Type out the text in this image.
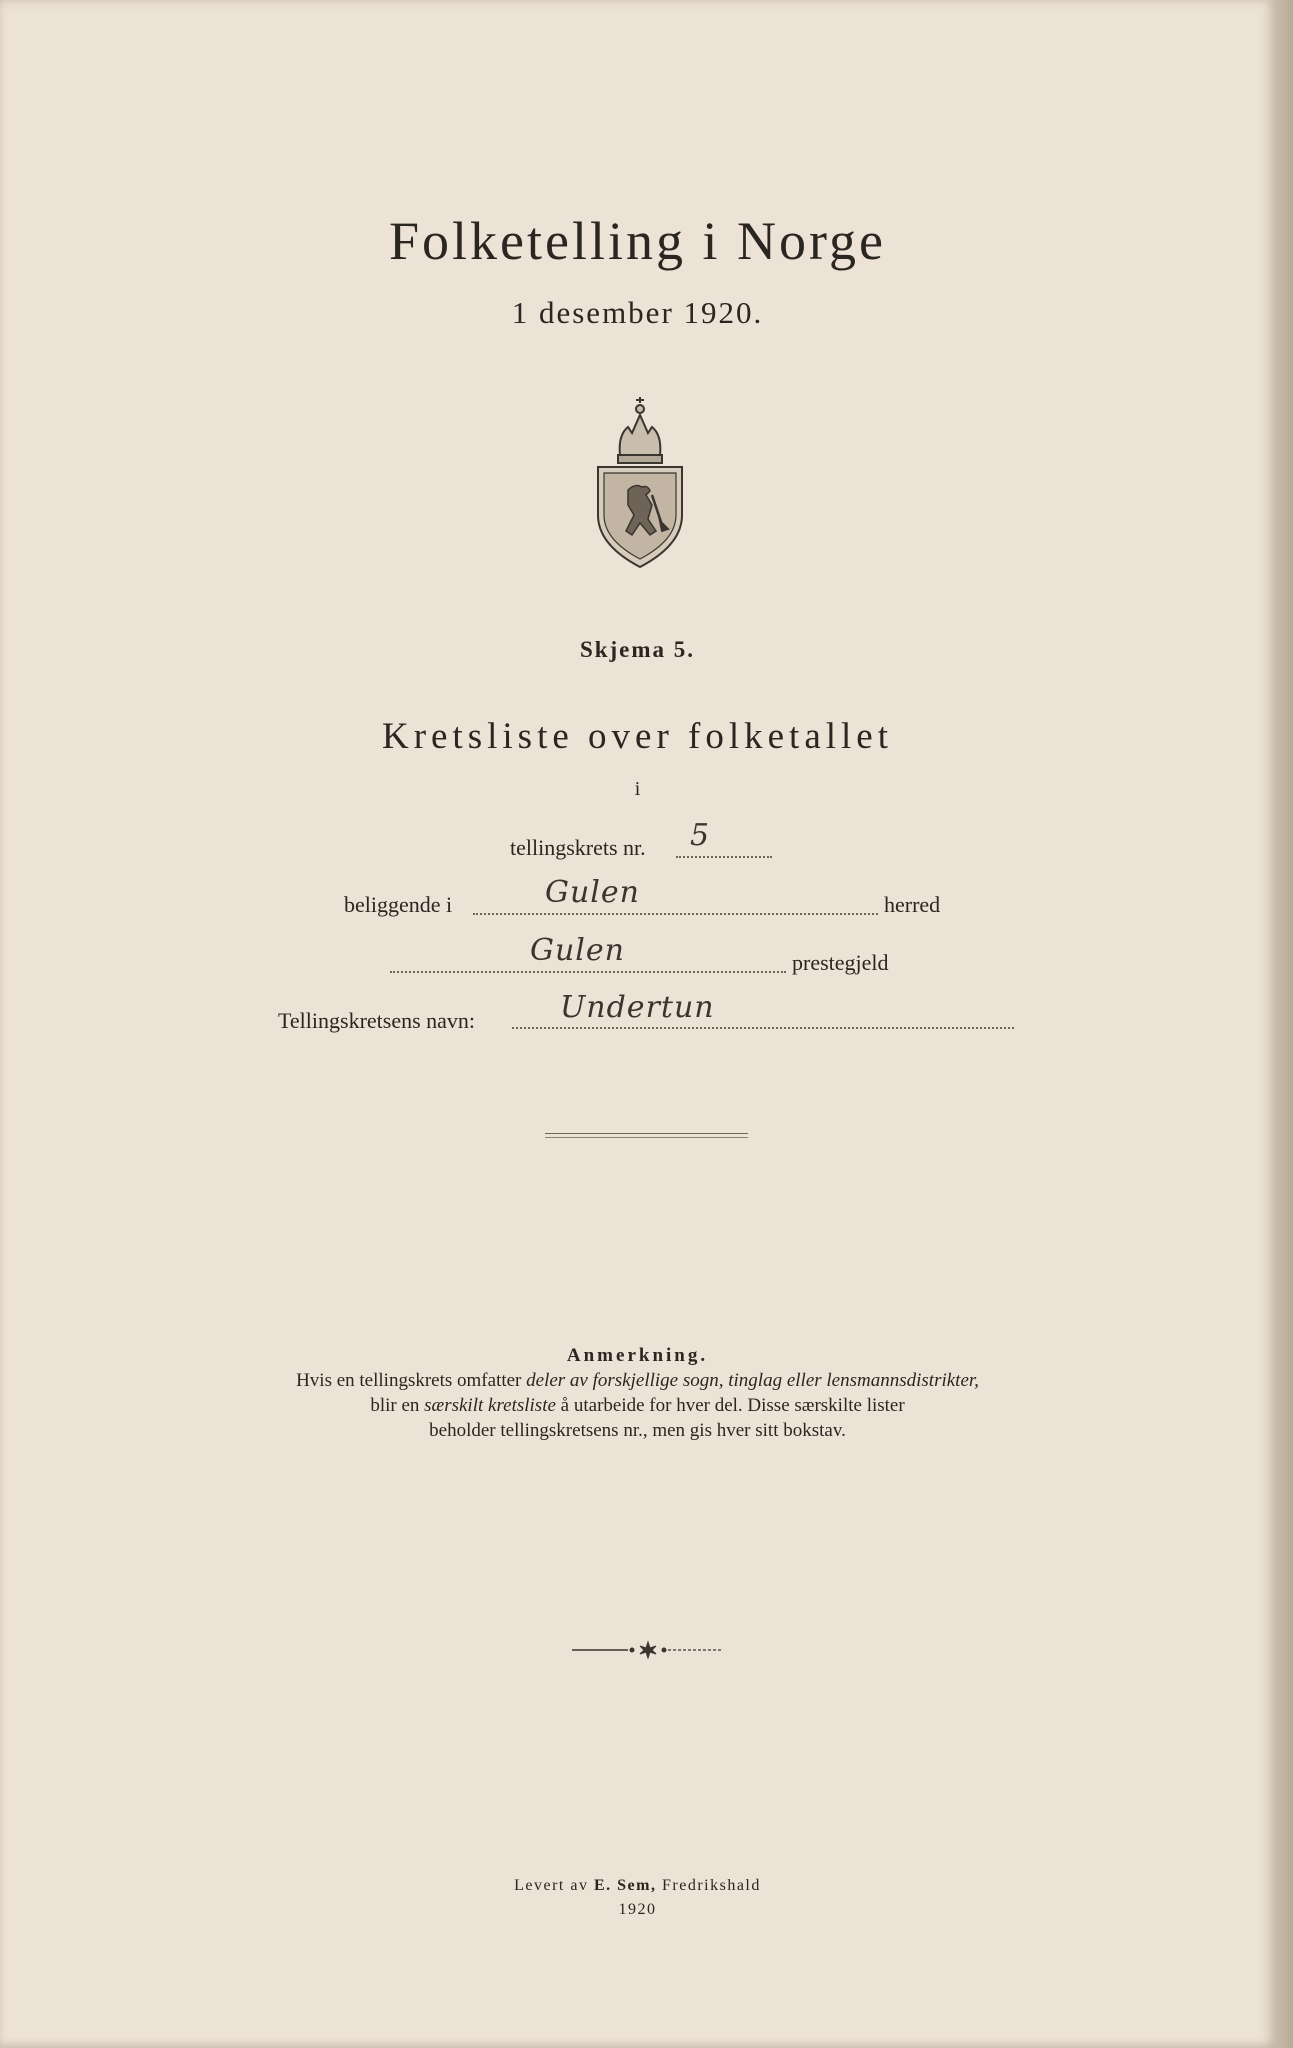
Folketelling i Norge
1 desember 1920.
Skjema 5.
Kretsliste over folketallet
i
tellingskrets nr. 5
beliggende i	Gulen	herred
Gulen	prestegjeld
Tellingskretsens navn:	Undertun
Anmerkning.
Hvis en tellingskrets omfatter deler av forskjellige sogn, tinglag eller lensmannsdistrikter,
blir en særskilt kretsliste å utarbeide for hver del. Disse særskilte lister
beholder tellingskretsens nr., men gis hver sitt bokstav.
Levert av E. Sem, Fredrikshald
1920
